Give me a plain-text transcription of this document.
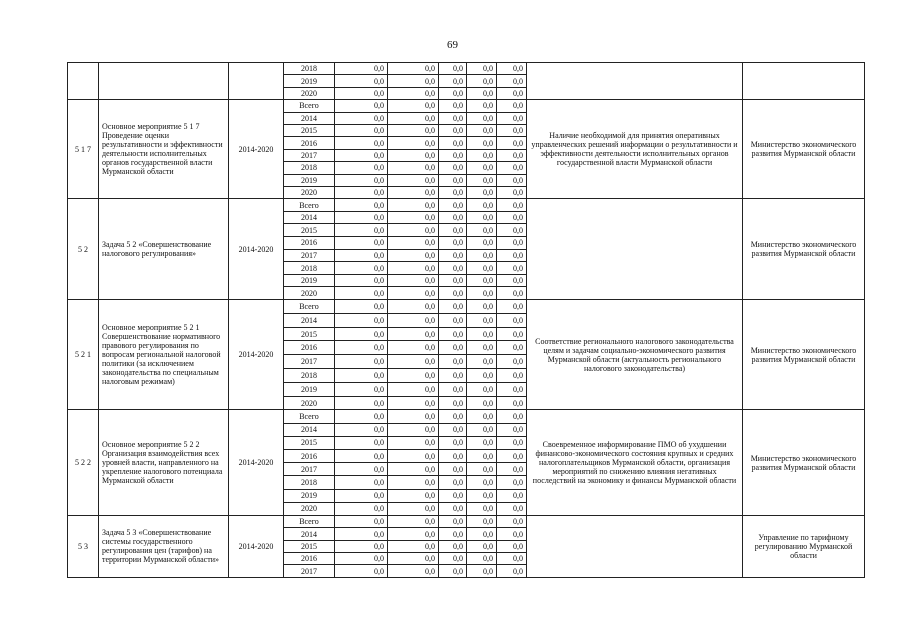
69
			2018	0,0	0,0	0,0	0,0	0,0		
			2019	0,0	0,0	0,0	0,0	0,0		
			2020	0,0	0,0	0,0	0,0	0,0		
5 1 7	Основное мероприятие 5 1 7 Проведение оценки результативности и эффективности деятельности исполнительных органов государственной власти Мурманской области	2014-2020	Всего	0,0	0,0	0,0	0,0	0,0	Наличие необходимой для принятия оперативных управленческих решений информации о результативности и эффективности деятельности исполнительных органов государственной власти Мурманской области	Министерство экономического развития Мурманской области
			2014	0,0	0,0	0,0	0,0	0,0		
			2015	0,0	0,0	0,0	0,0	0,0		
			2016	0,0	0,0	0,0	0,0	0,0		
			2017	0,0	0,0	0,0	0,0	0,0		
			2018	0,0	0,0	0,0	0,0	0,0		
			2019	0,0	0,0	0,0	0,0	0,0		
			2020	0,0	0,0	0,0	0,0	0,0		
5 2	Задача 5 2 «Совершенствование налогового регулирования»	2014-2020	Всего	0,0	0,0	0,0	0,0	0,0		Министерство экономического развития Мурманской области
			2014	0,0	0,0	0,0	0,0	0,0		
			2015	0,0	0,0	0,0	0,0	0,0		
			2016	0,0	0,0	0,0	0,0	0,0		
			2017	0,0	0,0	0,0	0,0	0,0		
			2018	0,0	0,0	0,0	0,0	0,0		
			2019	0,0	0,0	0,0	0,0	0,0		
			2020	0,0	0,0	0,0	0,0	0,0		
5 2 1	Основное мероприятие 5 2 1 Совершенствование нормативного правового регулирования по вопросам региональной налоговой политики (за исключением законодательства по специальным налоговым режимам)	2014-2020	Всего	0,0	0,0	0,0	0,0	0,0	Соответствие регионального налогового законодательства целям и задачам социально-экономического развития Мурманской области (актуальность регионального налогового законодательства)	Министерство экономического развития Мурманской области
			2014	0,0	0,0	0,0	0,0	0,0		
			2015	0,0	0,0	0,0	0,0	0,0		
			2016	0,0	0,0	0,0	0,0	0,0		
			2017	0,0	0,0	0,0	0,0	0,0		
			2018	0,0	0,0	0,0	0,0	0,0		
			2019	0,0	0,0	0,0	0,0	0,0		
			2020	0,0	0,0	0,0	0,0	0,0		
5 2 2	Основное мероприятие 5 2 2 Организация взаимодействия всех уровней власти, направленного на укрепление налогового потенциала Мурманской области	2014-2020	Всего	0,0	0,0	0,0	0,0	0,0	Своевременное информирование ПМО об ухудшении финансово-экономического состояния крупных и средних налогоплательщиков Мурманской области, организация мероприятий по снижению влияния негативных последствий на экономику и финансы Мурманской области	Министерство экономического развития Мурманской области
			2014	0,0	0,0	0,0	0,0	0,0		
			2015	0,0	0,0	0,0	0,0	0,0		
			2016	0,0	0,0	0,0	0,0	0,0		
			2017	0,0	0,0	0,0	0,0	0,0		
			2018	0,0	0,0	0,0	0,0	0,0		
			2019	0,0	0,0	0,0	0,0	0,0		
			2020	0,0	0,0	0,0	0,0	0,0		
5 3	Задача 5 3 «Совершенствование системы государственного регулирования цен (тарифов) на территории Мурманской области»	2014-2020	Всего	0,0	0,0	0,0	0,0	0,0		Управление по тарифному регулированию Мурманской области
			2014	0,0	0,0	0,0	0,0	0,0		
			2015	0,0	0,0	0,0	0,0	0,0		
			2016	0,0	0,0	0,0	0,0	0,0		
			2017	0,0	0,0	0,0	0,0	0,0		
